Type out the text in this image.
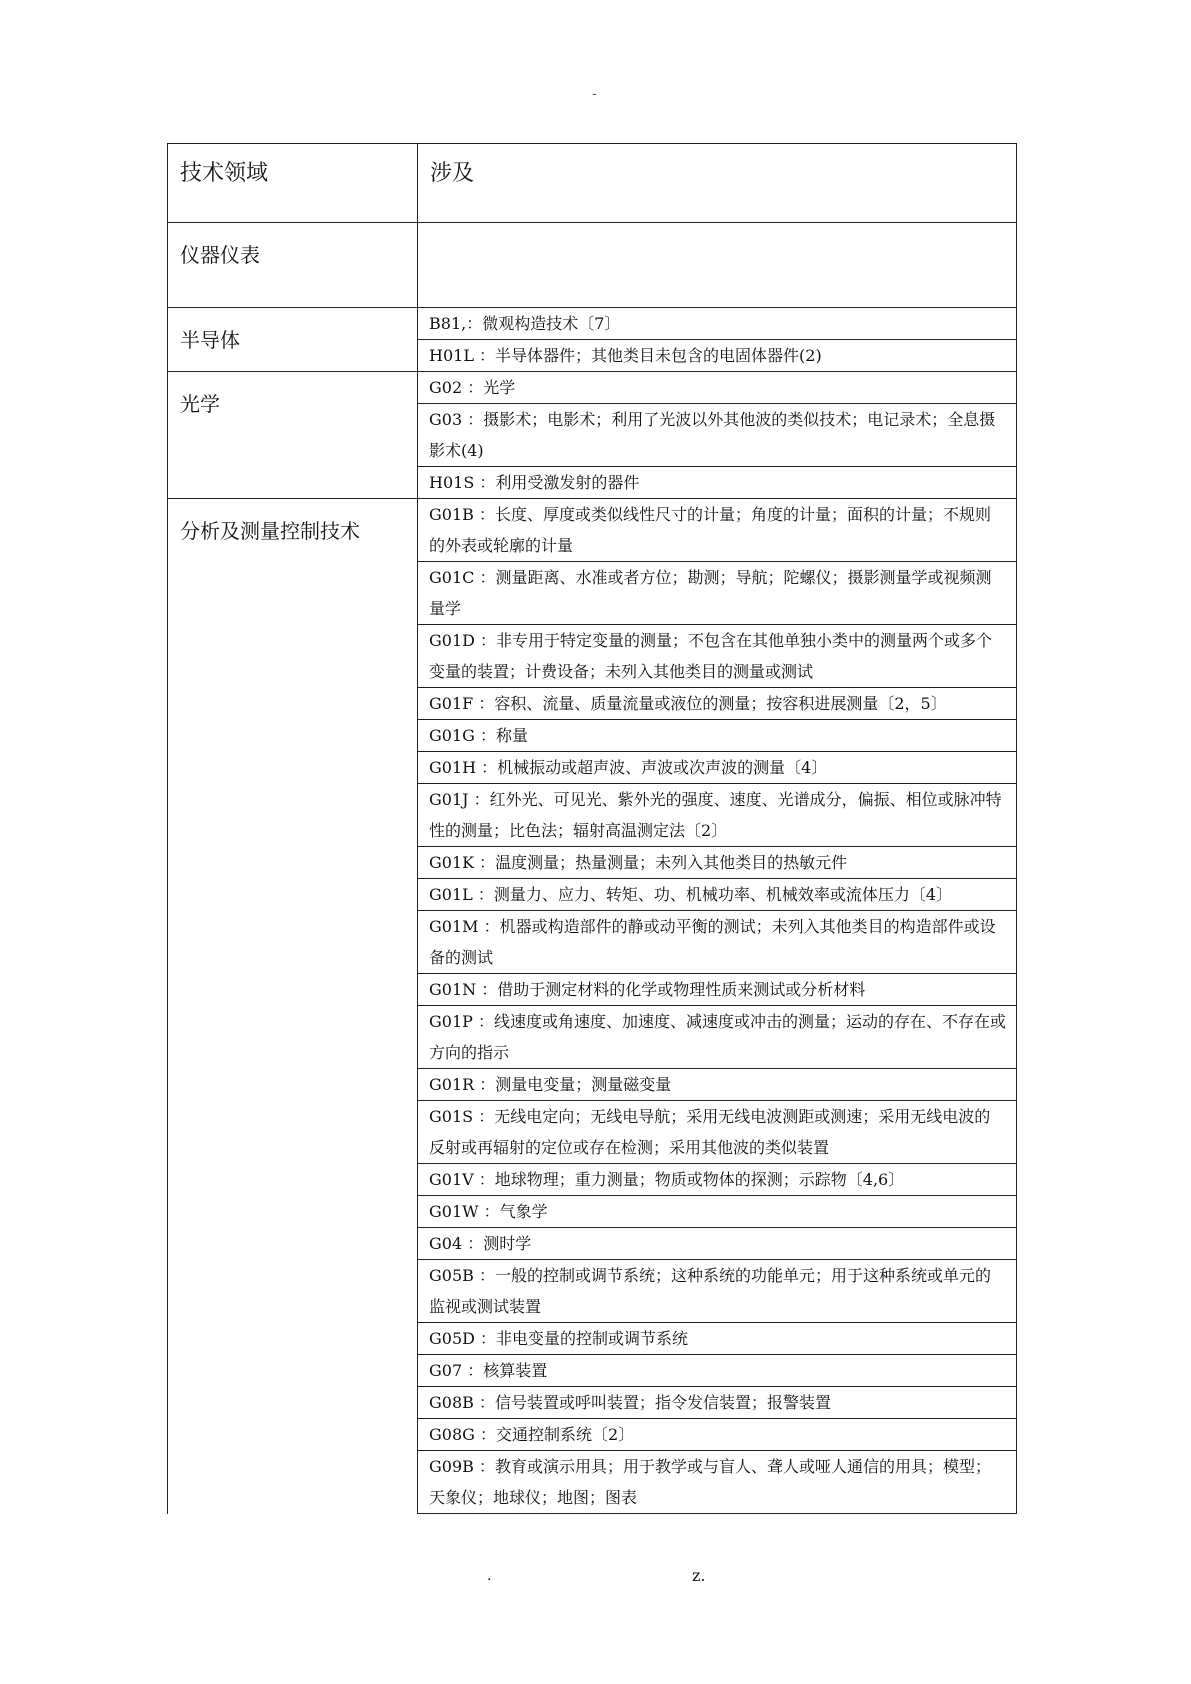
-
技术领域	涉及
仪器仪表	
半导体	B81,：微观构造技术〔7〕

	H01L ：半导体器件；其他类目未包含的电固体器件(2)

光学	G02 ：光学

	G03 ：摄影术；电影术；利用了光波以外其他波的类似技术；电记录术；全息摄影术(4)

	H01S ：利用受激发射的器件

分析及测量控制技术	G01B ：长度、厚度或类似线性尺寸的计量；角度的计量；面积的计量；不规则的外表或轮廓的计量

	G01C ：测量距离、水准或者方位；勘测；导航；陀螺仪；摄影测量学或视频测量学

	G01D ：非专用于特定变量的测量；不包含在其他单独小类中的测量两个或多个变量的装置；计费设备；未列入其他类目的测量或测试

	G01F ：容积、流量、质量流量或液位的测量；按容积进展测量〔2，5〕

	G01G ：称量

	G01H ：机械振动或超声波、声波或次声波的测量〔4〕

	G01J ：红外光、可见光、紫外光的强度、速度、光谱成分，偏振、相位或脉冲特性的测量；比色法；辐射高温测定法〔2〕

	G01K ：温度测量；热量测量；未列入其他类目的热敏元件

	G01L ：测量力、应力、转矩、功、机械功率、机械效率或流体压力〔4〕

	G01M ：机器或构造部件的静或动平衡的测试；未列入其他类目的构造部件或设备的测试

	G01N ：借助于测定材料的化学或物理性质来测试或分析材料

	G01P ：线速度或角速度、加速度、减速度或冲击的测量；运动的存在、不存在或方向的指示

	G01R ：测量电变量；测量磁变量

	G01S ：无线电定向；无线电导航；采用无线电波测距或测速；采用无线电波的反射或再辐射的定位或存在检测；采用其他波的类似装置

	G01V ：地球物理；重力测量；物质或物体的探测；示踪物〔4,6〕

	G01W ：气象学

	G04 ：测时学

	G05B ：一般的控制或调节系统；这种系统的功能单元；用于这种系统或单元的监视或测试装置

	G05D ：非电变量的控制或调节系统

	G07 ：核算装置

	G08B ：信号装置或呼叫装置；指令发信装置；报警装置

	G08G ：交通控制系统〔2〕

	G09B ：教育或演示用具；用于教学或与盲人、聋人或哑人通信的用具；模型；天象仪；地球仪；地图；图表
.	z.
